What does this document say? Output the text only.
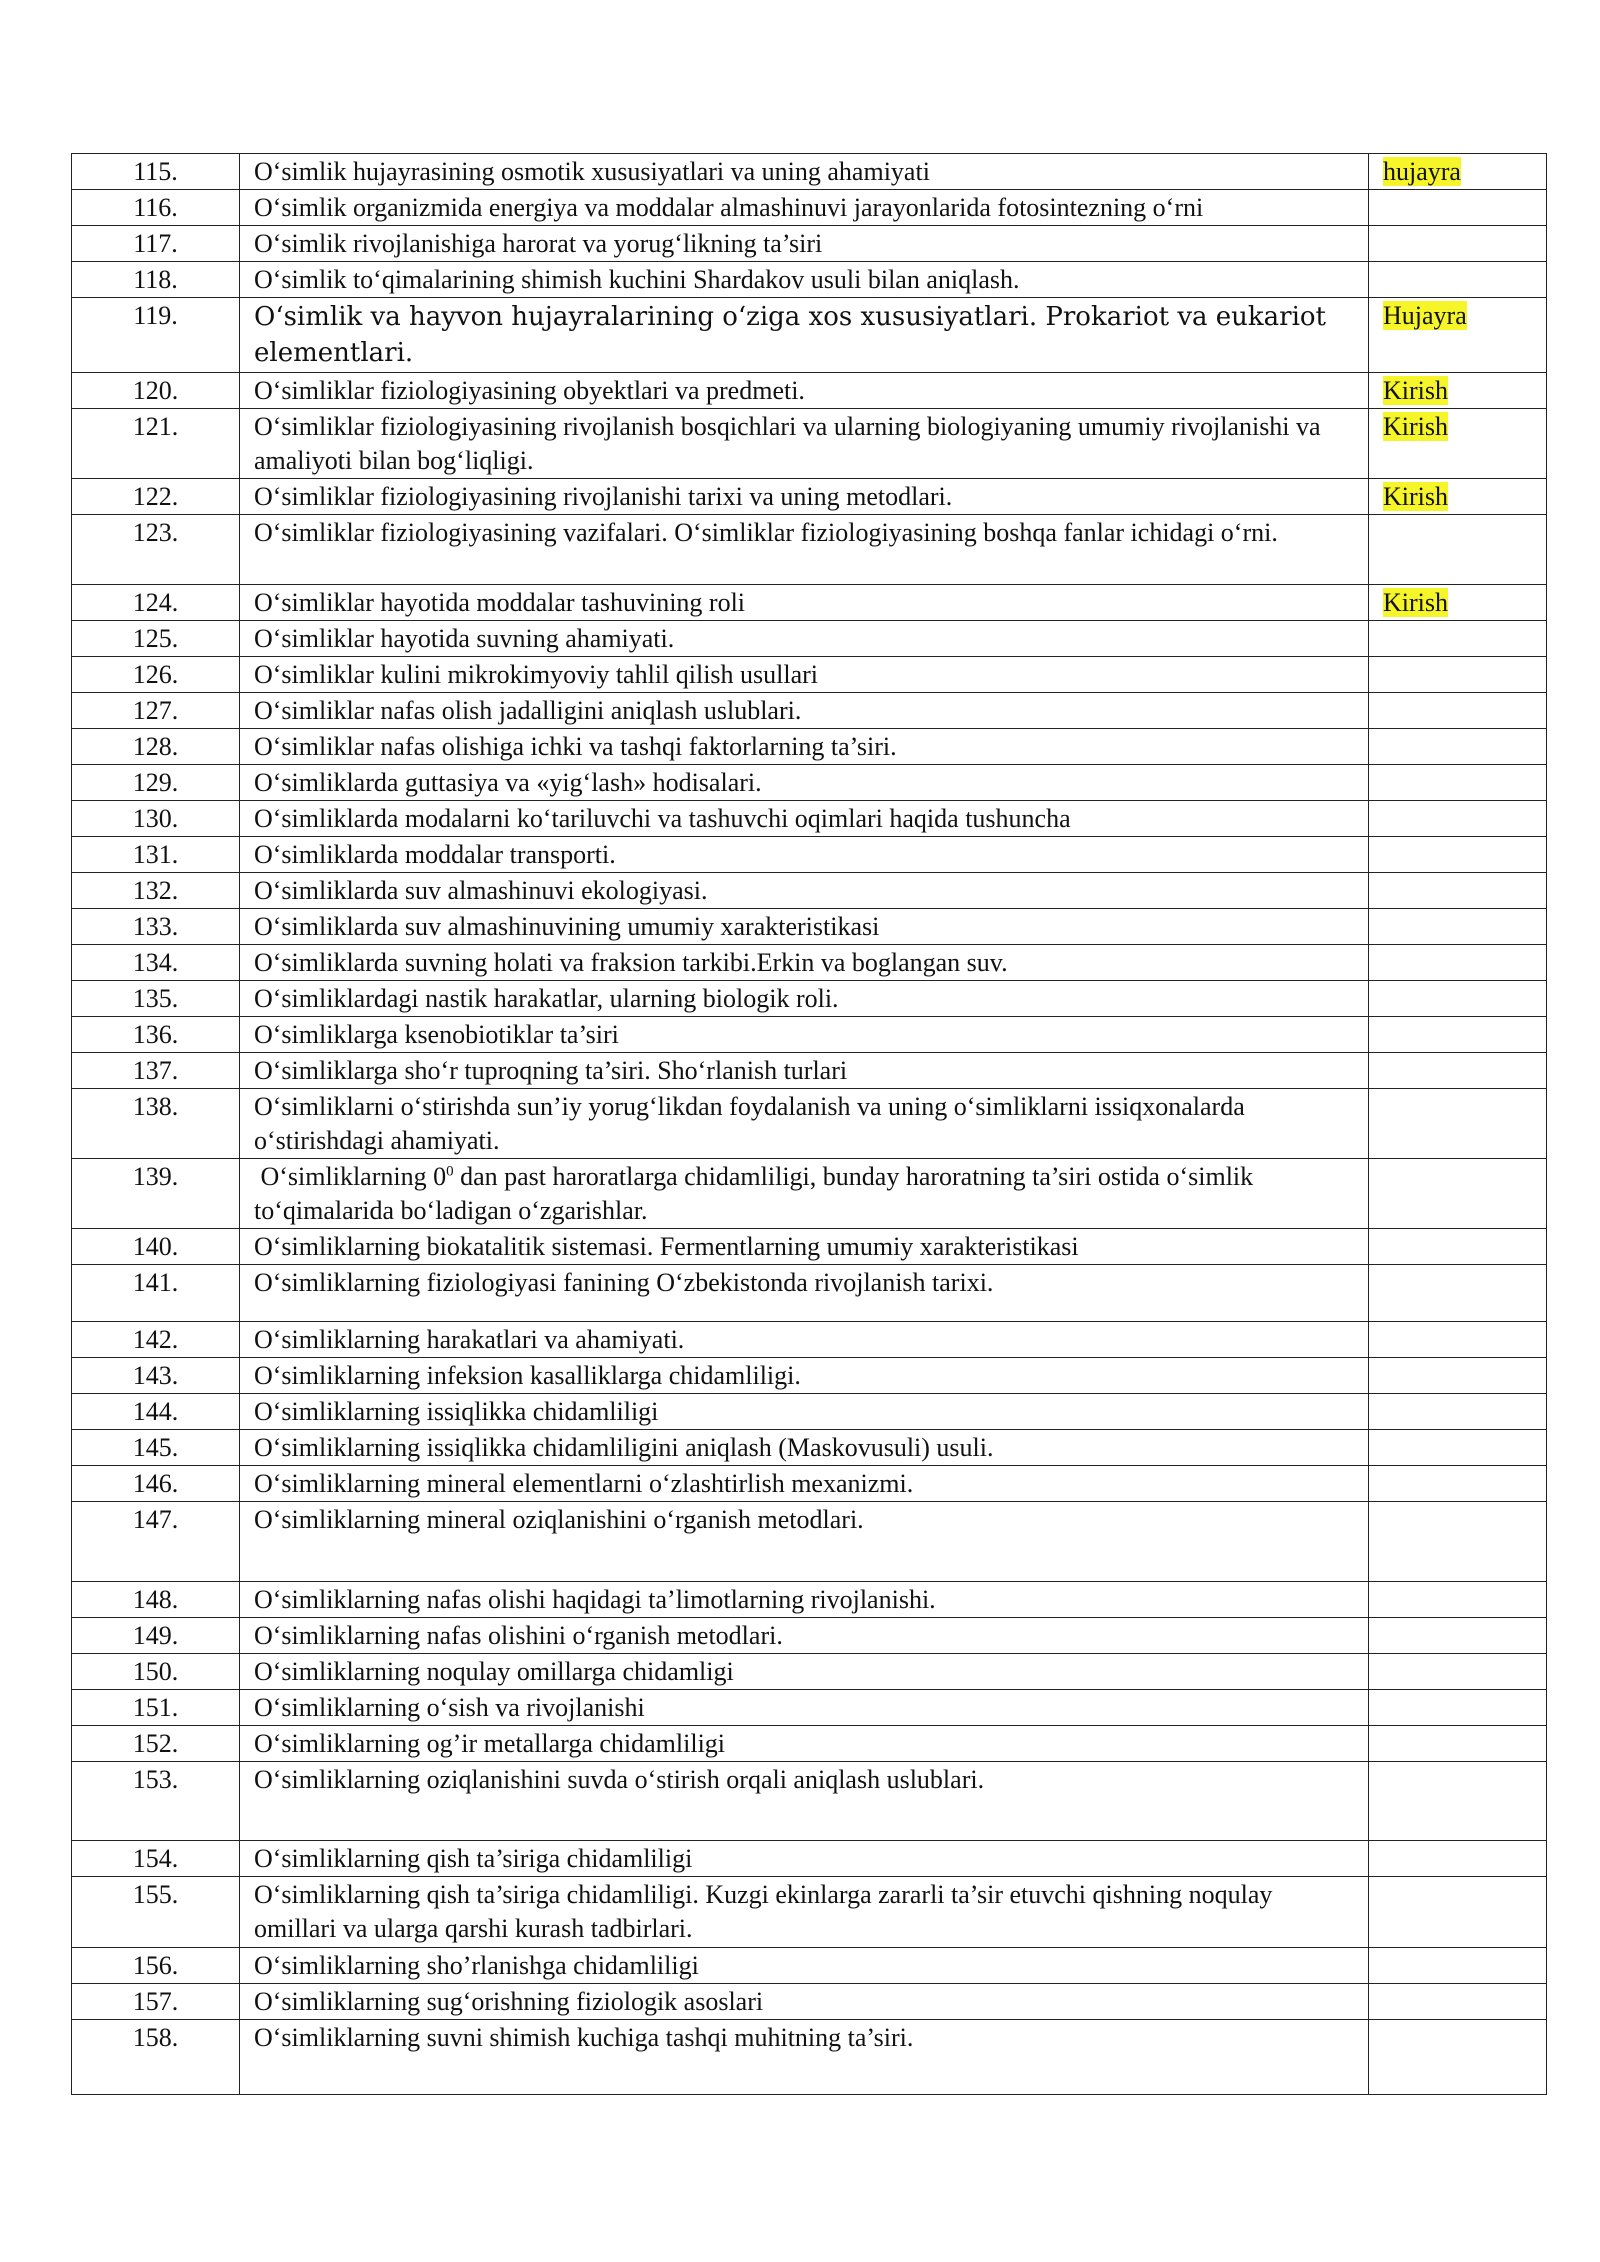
115.	O‘simlik hujayrasining osmotik xususiyatlari va uning ahamiyati	hujayra
116.	O‘simlik organizmida energiya va moddalar almashinuvi jarayonlarida fotosintezning o‘rni	
117.	O‘simlik rivojlanishiga harorat va yorug‘likning ta’siri	
118.	O‘simlik to‘qimalarining shimish kuchini Shardakov usuli bilan aniqlash.	
119.	O‘simlik va hayvon hujayralarining o‘ziga xos xususiyatlari. Prokariot va eukariot elementlari.	Hujayra
120.	O‘simliklar fiziologiyasining obyektlari va predmeti.	Kirish
121.	O‘simliklar fiziologiyasining rivojlanish bosqichlari va ularning biologiyaning umumiy rivojlanishi va amaliyoti bilan bog‘liqligi.	Kirish
122.	O‘simliklar fiziologiyasining rivojlanishi tarixi va uning metodlari.	Kirish
123.	O‘simliklar fiziologiyasining vazifalari. O‘simliklar fiziologiyasining boshqa fanlar ichidagi o‘rni.	
124.	O‘simliklar hayotida moddalar tashuvining roli	Kirish
125.	O‘simliklar hayotida suvning ahamiyati.	
126.	O‘simliklar kulini mikrokimyoviy tahlil qilish usullari	
127.	O‘simliklar nafas olish jadalligini aniqlash uslublari.	
128.	O‘simliklar nafas olishiga ichki va tashqi faktorlarning ta’siri.	
129.	O‘simliklarda guttasiya va «yig‘lash» hodisalari.	
130.	O‘simliklarda modalarni ko‘tariluvchi va tashuvchi oqimlari haqida tushuncha	
131.	O‘simliklarda moddalar transporti.	
132.	O‘simliklarda suv almashinuvi ekologiyasi.	
133.	O‘simliklarda suv almashinuvining umumiy xarakteristikasi	
134.	O‘simliklarda suvning holati va fraksion tarkibi.Erkin va boglangan suv.	
135.	O‘simliklardagi nastik harakatlar, ularning biologik roli.	
136.	O‘simliklarga ksenobiotiklar ta’siri	
137.	O‘simliklarga sho‘r tuproqning ta’siri. Sho‘rlanish turlari	
138.	O‘simliklarni o‘stirishda sun’iy yorug‘likdan foydalanish va uning o‘simliklarni issiqxonalarda o‘stirishdagi ahamiyati.	
139.	O‘simliklarning $0^0$ dan past haroratlarga chidamliligi, bunday haroratning ta’siri ostida o‘simlik to‘qimalarida bo‘ladigan o‘zgarishlar.	
140.	O‘simliklarning biokatalitik sistemasi. Fermentlarning umumiy xarakteristikasi	
141.	O‘simliklarning fiziologiyasi fanining O‘zbekistonda rivojlanish tarixi.	
142.	O‘simliklarning harakatlari va ahamiyati.	
143.	O‘simliklarning infeksion kasalliklarga chidamliligi.	
144.	O‘simliklarning issiqlikka chidamliligi	
145.	O‘simliklarning issiqlikka chidamliligini aniqlash (Maskovusuli) usuli.	
146.	O‘simliklarning mineral elementlarni o‘zlashtirlish mexanizmi.	
147.	O‘simliklarning mineral oziqlanishini o‘rganish metodlari.	
148.	O‘simliklarning nafas olishi haqidagi ta’limotlarning rivojlanishi.	
149.	O‘simliklarning nafas olishini o‘rganish metodlari.	
150.	O‘simliklarning noqulay omillarga chidamligi	
151.	O‘simliklarning o‘sish va rivojlanishi	
152.	O‘simliklarning og’ir metallarga chidamliligi	
153.	O‘simliklarning oziqlanishini suvda o‘stirish orqali aniqlash uslublari.	
154.	O‘simliklarning qish ta’siriga chidamliligi	
155.	O‘simliklarning qish ta’siriga chidamliligi. Kuzgi ekinlarga zararli ta’sir etuvchi qishning noqulay omillari va ularga qarshi kurash tadbirlari.	
156.	O‘simliklarning sho’rlanishga chidamliligi	
157.	O‘simliklarning sug‘orishning fiziologik asoslari	
158.	O‘simliklarning suvni shimish kuchiga tashqi muhitning ta’siri.	
